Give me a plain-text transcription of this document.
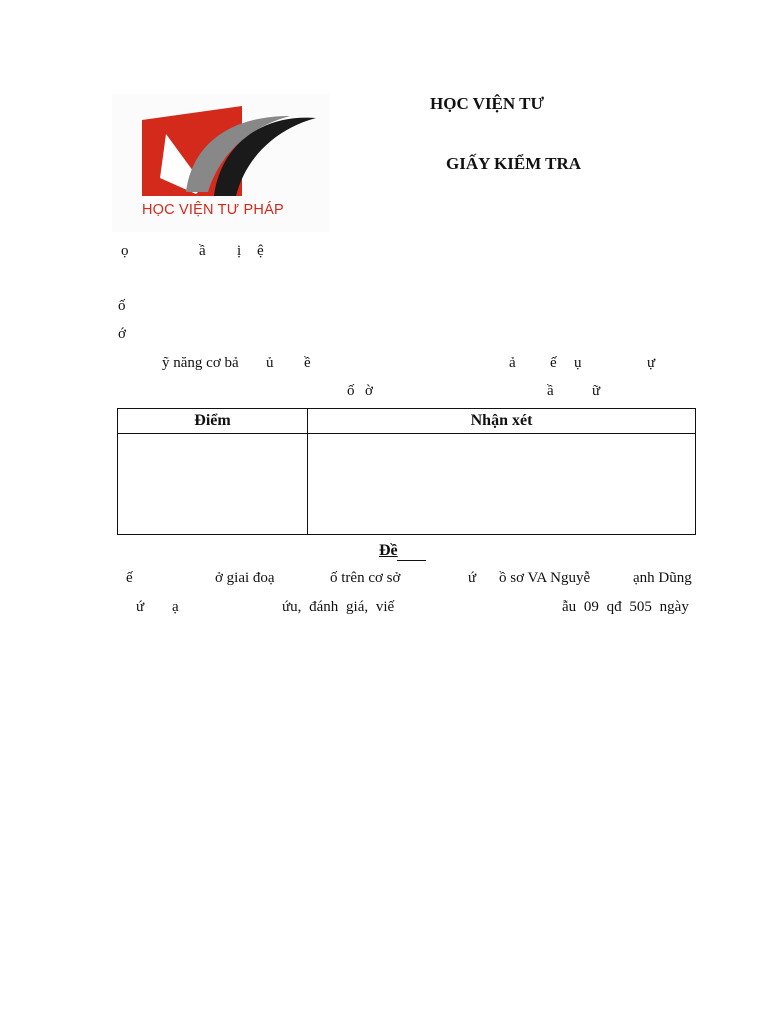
HỌC VIỆN TƯ PHÁP
HỌC VIỆN TƯ
GIẤY KIỂM TRA
ọ	ầ ị ệ
ố
ớ
ỹ năng cơ bả ủ ề	ả ế ụ	ự
ố ờ	ầ	ữ
Điểm	Nhận xét

Đề
ế	ở giai đoạ	ố trên cơ sở	ứ ồ sơ VA Nguyễ	ạnh Dũng
ứ ạ	ứu, đánh giá, viế	ẫu 09 qđ 505 ngày
